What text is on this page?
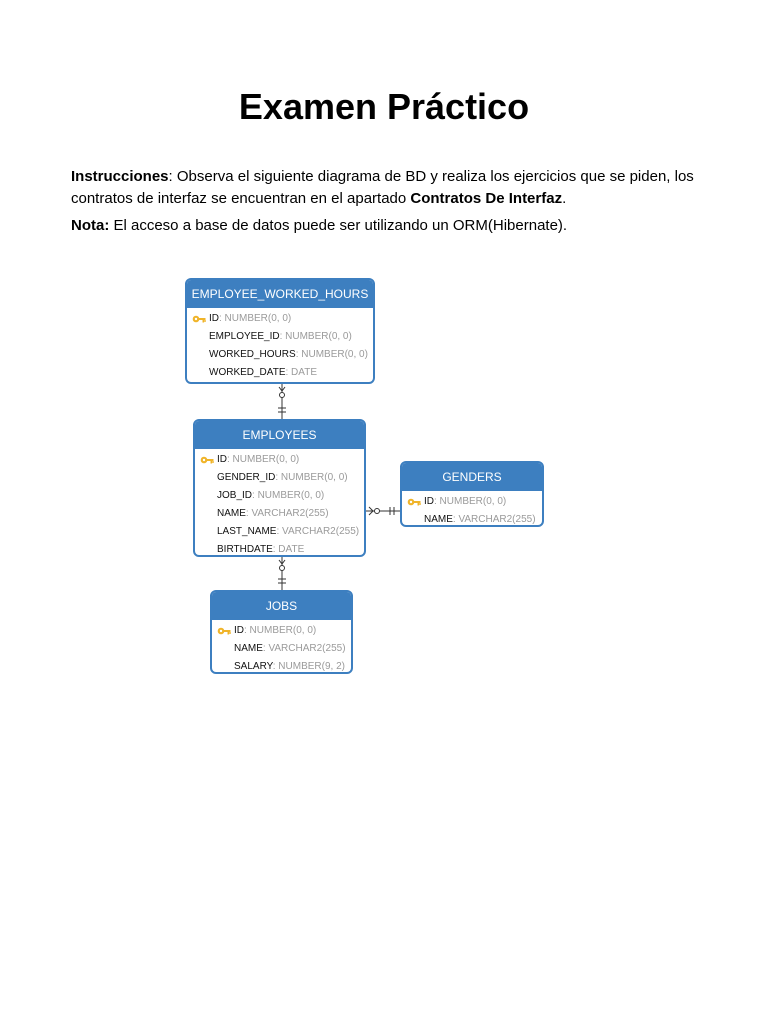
Examen Práctico

Instrucciones: Observa el siguiente diagrama de BD y realiza los ejercicios que se piden, los contratos de interfaz se encuentran en el apartado Contratos De Interfaz.

Nota: El acceso a base de datos puede ser utilizando un ORM(Hibernate).

EMPLOYEE_WORKED_HOURS
ID: NUMBER(0, 0)
EMPLOYEE_ID: NUMBER(0, 0)
WORKED_HOURS: NUMBER(0, 0)
WORKED_DATE: DATE
EMPLOYEES
ID: NUMBER(0, 0)
GENDER_ID: NUMBER(0, 0)
JOB_ID: NUMBER(0, 0)
NAME: VARCHAR2(255)
LAST_NAME: VARCHAR2(255)
BIRTHDATE: DATE
GENDERS
ID: NUMBER(0, 0)
NAME: VARCHAR2(255)
JOBS
ID: NUMBER(0, 0)
NAME: VARCHAR2(255)
SALARY: NUMBER(9, 2)
